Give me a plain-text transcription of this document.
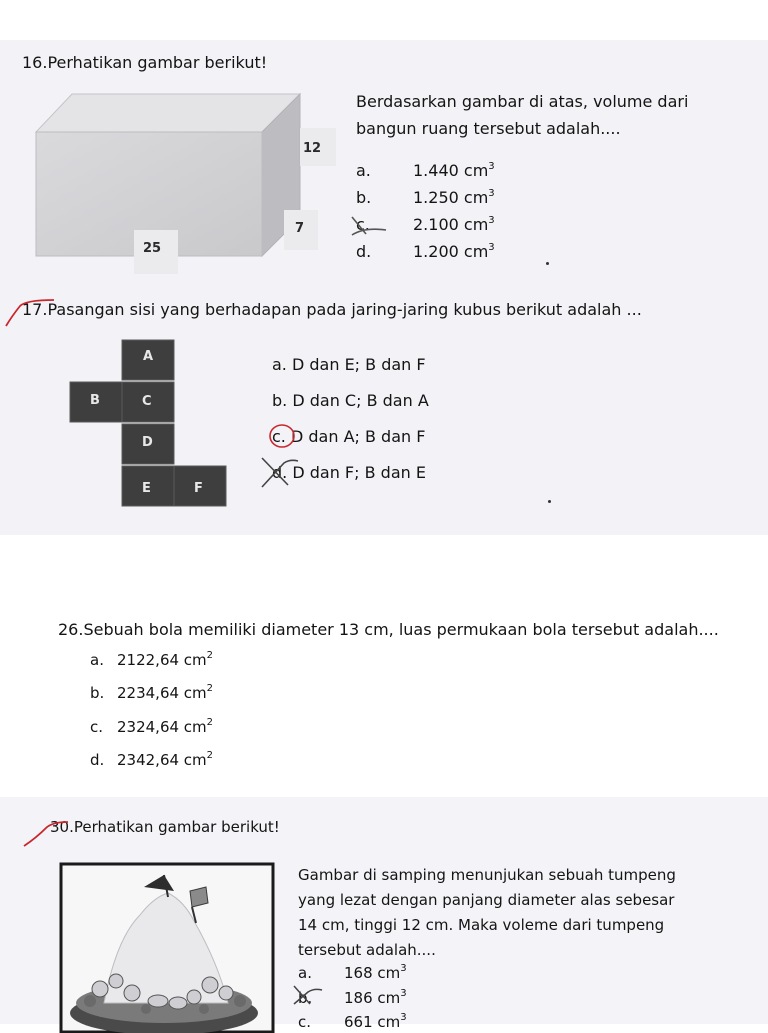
16.Perhatikan gambar berikut!
12
7
25
Berdasarkan gambar di atas, volume dari
bangun ruang tersebut adalah....
a.	1.440 $cm^3$
b.	1.250 $cm^3$
c.	2.100 $cm^3$
d.	1.200 $cm^3$
17.Pasangan sisi yang berhadapan pada jaring-jaring kubus berikut adalah ...
A
B	C
D
E	F
a. D dan E; B dan F
b. D dan C; B dan A
c. D dan A; B dan F
d. D dan F; B dan E
26.Sebuah bola memiliki diameter 13 cm, luas permukaan bola tersebut adalah....
a. 2122,64 $cm^2$
b. 2234,64 $cm^2$
c. 2324,64 $cm^2$
d. 2342,64 $cm^2$
30.Perhatikan gambar berikut!
Gambar di samping menunjukan sebuah tumpeng
yang lezat dengan panjang diameter alas sebesar
14 cm, tinggi 12 cm. Maka voleme dari tumpeng
tersebut adalah....
a. 168 $cm^3$
b. 186 $cm^3$
c. 661 $cm^3$
